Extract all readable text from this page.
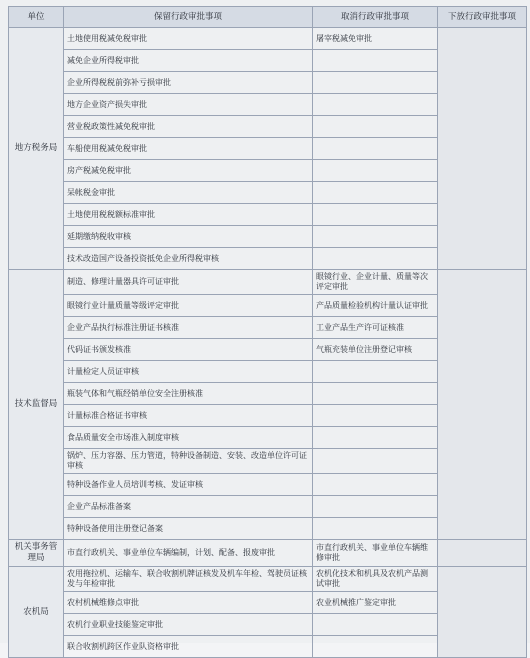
单位	保留行政审批事项	取消行政审批事项	下放行政审批事项
地方税务局	土地使用税减免税审批	屠宰税减免审批	
	减免企业所得税审批		
	企业所得税税前弥补亏损审批		
	地方企业资产损失审批		
	营业税政策性减免税审批		
	车船使用税减免税审批		
	房产税减免税审批		
	呆帐税金审批		
	土地使用税税额标准审批		
	延期缴纳税收审核		
	技术改造国产设备投资抵免企业所得税审核		
技术监督局	制造、修理计量器具许可证审批	眼镜行业、企业计量、质量等次评定审批	
	眼镜行业计量质量等级评定审批	产品质量检验机构计量认证审批	
	企业产品执行标准注册证书核准	工业产品生产许可证核准	
	代码证书颁发核准	气瓶充装单位注册登记审核	
	计量检定人员证审核		
	瓶装气体和气瓶经销单位安全注册核准		
	计量标准合格证书审核		
	食品质量安全市场准入制度审核		
	锅炉、压力容器、压力管道，特种设备制造、安装、改造单位许可证审核		
	特种设备作业人员培训考核、发证审核		
	企业产品标准备案		
	特种设备使用注册登记备案		
机关事务管理局	市直行政机关、事业单位车辆编制，计划、配备、报废审批	市直行政机关、事业单位车辆维修审批	
农机局	农用拖拉机、运输车、联合收割机牌证核发及机车年检、驾驶员证核发与年检审批	农机化技术和机具及农机产品测试审批	
	农村机械维修点审批	农业机械推广鉴定审批	
	农机行业职业技能鉴定审批		
	联合收割机跨区作业队资格审批		
